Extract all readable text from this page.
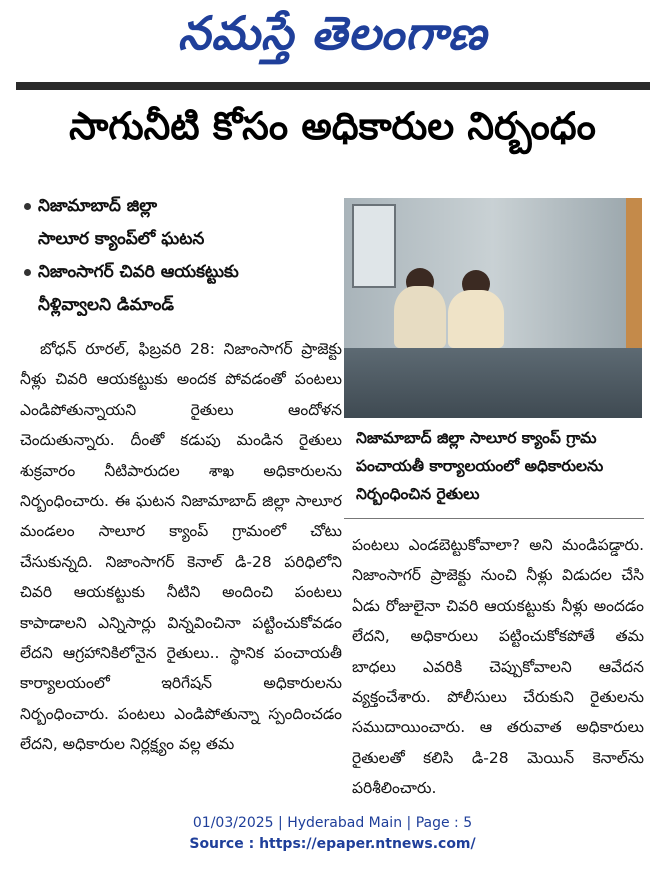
నమస్తే తెలంగాణ
సాగునీటి కోసం అధికారుల నిర్బంధం
నిజామాబాద్ జిల్లా
సాలూర క్యాంప్‌లో ఘటన
నిజాంసాగర్ చివరి ఆయకట్టుకు
నీళ్లివ్వాలని డిమాండ్

బోధన్ రూరల్, ఫిబ్రవరి 28: నిజాంసాగర్ ప్రాజెక్టు నీళ్లు చివరి ఆయకట్టుకు అందక పోవడంతో పంటలు ఎండిపోతున్నాయని రైతులు ఆందోళన చెందుతున్నారు. దీంతో కడుపు మండిన రైతులు శుక్రవారం నీటిపారుదల శాఖ అధికారులను నిర్బంధించారు. ఈ ఘటన నిజామాబాద్ జిల్లా సాలూర మండలం సాలూర క్యాంప్ గ్రామంలో చోటు చేసుకున్నది. నిజాంసాగర్ కెనాల్ డి-28 పరిధిలోని చివరి ఆయకట్టుకు నీటిని అందించి పంటలు కాపాడాలని ఎన్నిసార్లు విన్నవించినా పట్టించుకోవడం లేదని ఆగ్రహానికిలోనైన రైతులు.. స్థానిక పంచాయతీ కార్యాలయంలో ఇరిగేషన్ అధికారులను నిర్బంధించారు. పంటలు ఎండిపోతున్నా స్పందించడం లేదని, అధికారుల నిర్లక్ష్యం వల్ల తమ

నిజామాబాద్ జిల్లా సాలూర క్యాంప్ గ్రామ పంచాయతీ కార్యాలయంలో అధికారులను నిర్బంధించిన రైతులు

పంటలు ఎండబెట్టుకోవాలా? అని మండిపడ్డారు. నిజాంసాగర్ ప్రాజెక్టు నుంచి నీళ్లు విడుదల చేసి ఏడు రోజులైనా చివరి ఆయకట్టుకు నీళ్లు అందడం లేదని, అధికారులు పట్టించుకోకపోతే తమ బాధలు ఎవరికి చెప్పుకోవాలని ఆవేదన వ్యక్తంచేశారు. పోలీసులు చేరుకుని రైతులను సముదాయించారు. ఆ తరువాత అధికారులు రైతులతో కలిసి డి-28 మెయిన్ కెనాల్‌ను పరిశీలించారు.

01/03/2025 | Hyderabad Main | Page : 5
Source : https://epaper.ntnews.com/
